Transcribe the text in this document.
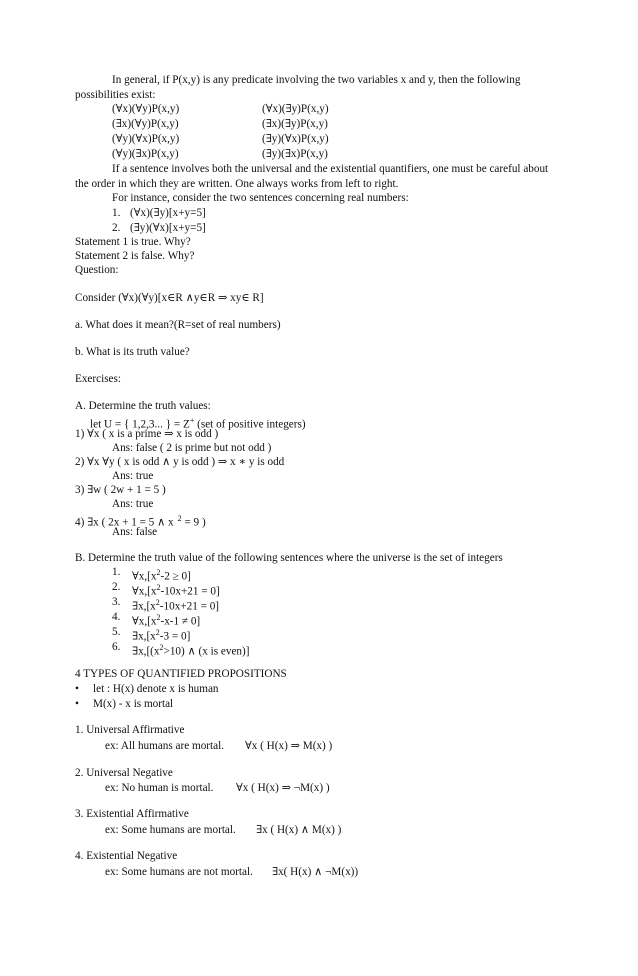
In general, if P(x,y) is any predicate involving the two variables x and y, then the following
possibilities exist:
(∀x)(∀y)P(x,y)	(∀x)(∃y)P(x,y)
(∃x)(∀y)P(x,y)	(∃x)(∃y)P(x,y)
(∀y)(∀x)P(x,y)	(∃y)(∀x)P(x,y)
(∀y)(∃x)P(x,y)	(∃y)(∃x)P(x,y)
If a sentence involves both the universal and the existential quantifiers, one must be careful about
the order in which they are written. One always works from left to right.
For instance, consider the two sentences concerning real numbers:
1. (∀x)(∃y)[x+y=5]
2. (∃y)(∀x)[x+y=5]
Statement 1 is true. Why?
Statement 2 is false. Why?
Question:
Consider (∀x)(∀y)[x∈R ∧y∈R ⇒ xy∈ R]
a. What does it mean?(R=set of real numbers)
b. What is its truth value?
Exercises:
A. Determine the truth values:
let U = { 1,2,3... } = Z+ (set of positive integers)
1) ∀x ( x is a prime ⇒ x is odd )
Ans: false ( 2 is prime but not odd )
2) ∀x ∀y ( x is odd ∧ y is odd ) ⇒ x ∗ y is odd
Ans: true
3) ∃w ( 2w + 1 = 5 )
Ans: true
4) ∃x ( 2x + 1 = 5 ∧ x $^2$ = 9 )
Ans: false
B. Determine the truth value of the following sentences where the universe is the set of integers
1. $\forall x,[x^2-2 \ge 0]$
2. $\forall x,[x^2-10x+21 = 0]$
3. $\exists x,[x^2-10x+21 = 0]$
4. $\forall x,[x^2-x-1 \ne 0]$
5. $\exists x,[x^2-3 = 0]$
6. $\exists x,[(x^2>10)$ ∧ (x is even)]
4 TYPES OF QUANTIFIED PROPOSITIONS
• let : H(x) denote x is human
• M(x) - x is mortal
1. Universal Affirmative
ex: All humans are mortal. ∀x ( H(x) ⇒ M(x) )
2. Universal Negative
ex: No human is mortal. ∀x ( H(x) ⇒ ¬M(x) )
3. Existential Affirmative
ex: Some humans are mortal. ∃x ( H(x) ∧ M(x) )
4. Existential Negative
ex: Some humans are not mortal. ∃x( H(x) ∧ ¬M(x))
